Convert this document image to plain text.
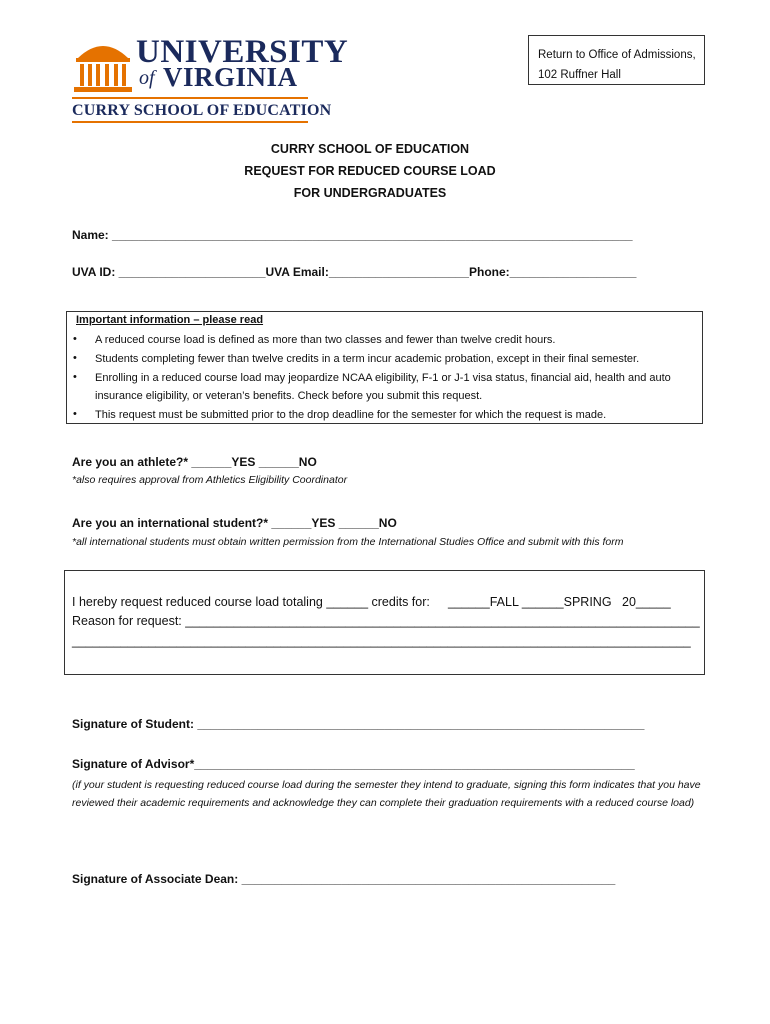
UNIVERSITY
of VIRGINIA
CURRY SCHOOL OF EDUCATION
Return to Office of Admissions,
102 Ruffner Hall
CURRY SCHOOL OF EDUCATION
REQUEST FOR REDUCED COURSE LOAD
FOR UNDERGRADUATES
Name: ______________________________________________________________________________
UVA ID: ______________________UVA Email:_____________________Phone:___________________
Important information – please read
• A reduced course load is defined as more than two classes and fewer than twelve credit hours.
• Students completing fewer than twelve credits in a term incur academic probation, except in their final semester.
• Enrolling in a reduced course load may jeopardize NCAA eligibility, F-1 or J-1 visa status, financial aid, health and auto insurance eligibility, or veteran’s benefits. Check before you submit this request.
• This request must be submitted prior to the drop deadline for the semester for which the request is made.
Are you an athlete?* ______YES ______NO
*also requires approval from Athletics Eligibility Coordinator
Are you an international student?* ______YES ______NO
*all international students must obtain written permission from the International Studies Office and submit with this form
I hereby request reduced course load totaling ______ credits for: ______FALL ______SPRING 20_____
Reason for request: __________________________________________________________________________
_________________________________________________________________________________________
Signature of Student: ___________________________________________________________________
Signature of Advisor*__________________________________________________________________
(if your student is requesting reduced course load during the semester they intend to graduate, signing this form indicates that you have reviewed their academic requirements and acknowledge they can complete their graduation requirements with a reduced course load)
Signature of Associate Dean: ________________________________________________________
